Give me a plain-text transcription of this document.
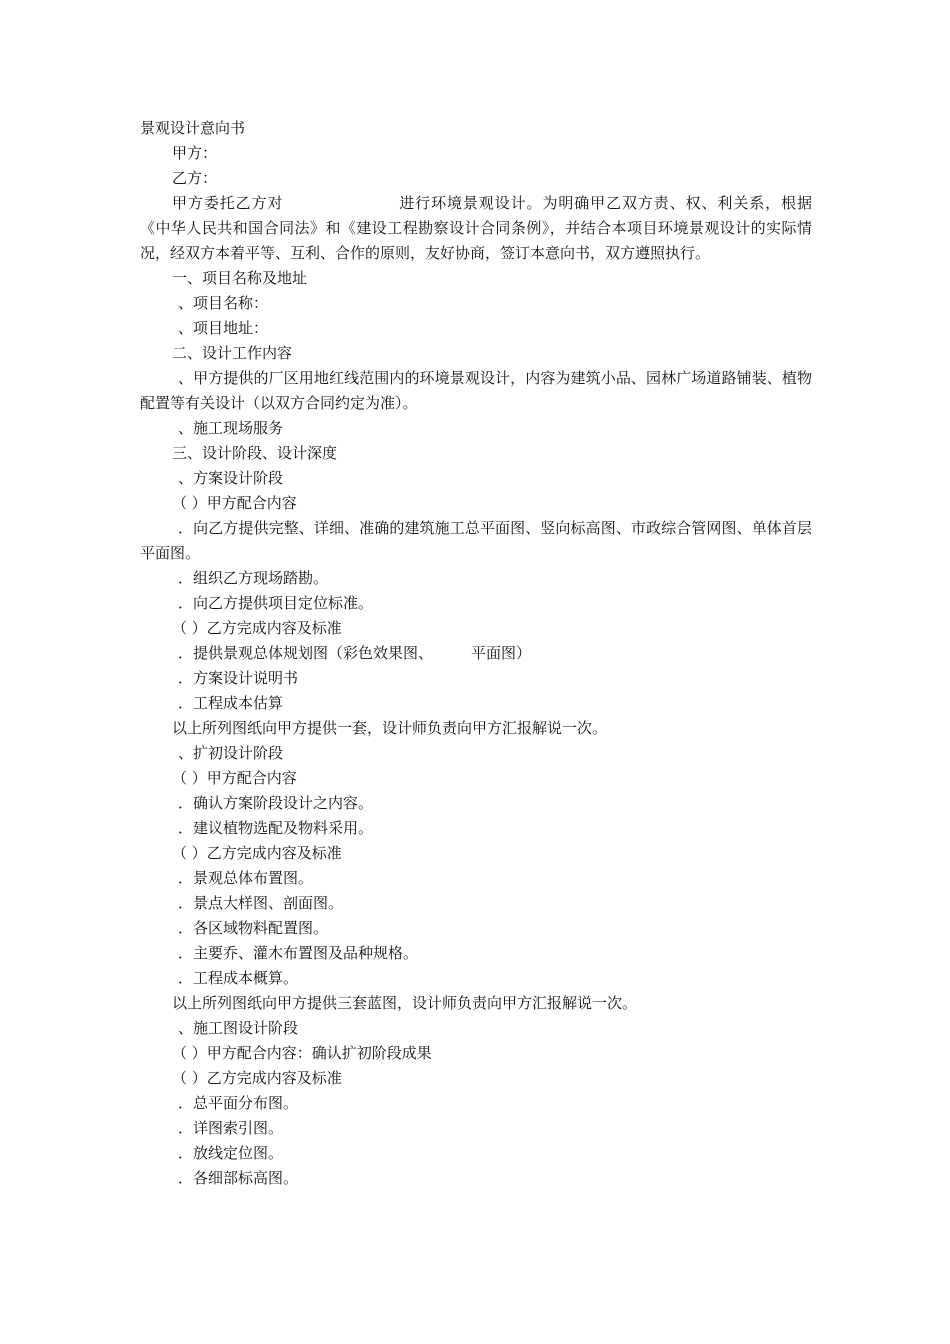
景观设计意向书

甲方：

乙方：

甲方委托乙方对	进行环境景观设计。为明确甲乙双方责、权、利关系，根据《中华人民共和国合同法》和《建设工程勘察设计合同条例》，并结合本项目环境景观设计的实际情况，经双方本着平等、互利、合作的原则，友好协商，签订本意向书，双方遵照执行。

一、项目名称及地址

、项目名称：

、项目地址：

二、设计工作内容

、甲方提供的厂区用地红线范围内的环境景观设计，内容为建筑小品、园林广场道路铺装、植物配置等有关设计（以双方合同约定为准）。

、施工现场服务

三、设计阶段、设计深度

、方案设计阶段

（ ）甲方配合内容

．向乙方提供完整、详细、准确的建筑施工总平面图、竖向标高图、市政综合管网图、单体首层平面图。

．组织乙方现场踏勘。

．向乙方提供项目定位标准。

（ ）乙方完成内容及标准

．提供景观总体规划图（彩色效果图、	平面图）

．方案设计说明书

．工程成本估算

以上所列图纸向甲方提供一套，设计师负责向甲方汇报解说一次。

、扩初设计阶段

（ ）甲方配合内容

．确认方案阶段设计之内容。

．建议植物选配及物料采用。

（ ）乙方完成内容及标准

．景观总体布置图。

．景点大样图、剖面图。

．各区域物料配置图。

．主要乔、灌木布置图及品种规格。

．工程成本概算。

以上所列图纸向甲方提供三套蓝图，设计师负责向甲方汇报解说一次。

、施工图设计阶段

（ ）甲方配合内容：确认扩初阶段成果

（ ）乙方完成内容及标准

．总平面分布图。

．详图索引图。

．放线定位图。

．各细部标高图。
